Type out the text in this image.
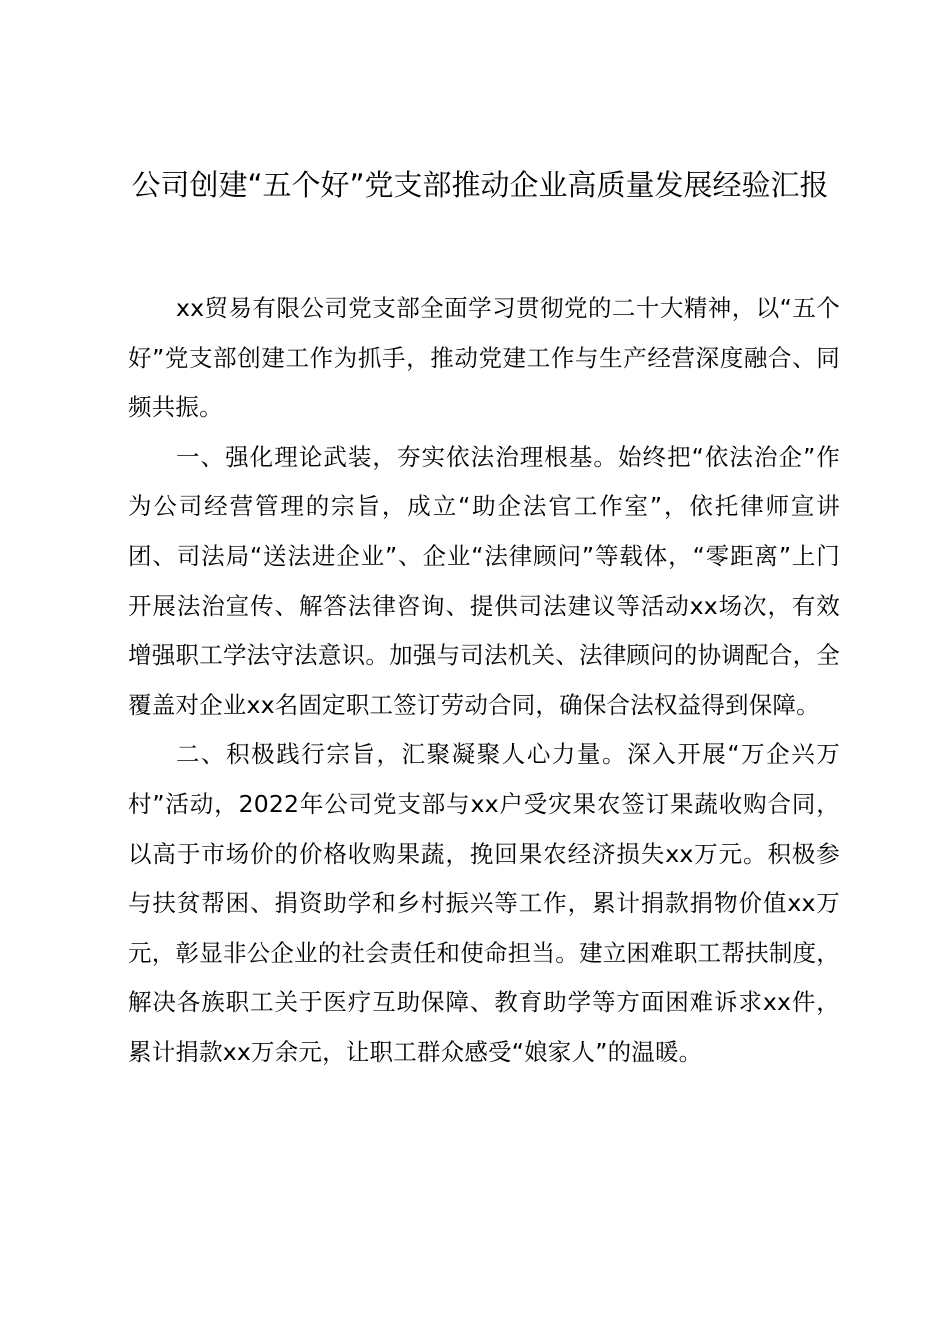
公司创建“五个好”党支部推动企业高质量发展经验汇报

xx贸易有限公司党支部全面学习贯彻党的二十大精神，以“五个好”党支部创建工作为抓手，推动党建工作与生产经营深度融合、同频共振。

一、强化理论武装，夯实依法治理根基。始终把“依法治企”作为公司经营管理的宗旨，成立“助企法官工作室”，依托律师宣讲团、司法局“送法进企业”、企业“法律顾问”等载体，“零距离”上门开展法治宣传、解答法律咨询、提供司法建议等活动xx场次，有效增强职工学法守法意识。加强与司法机关、法律顾问的协调配合，全覆盖对企业xx名固定职工签订劳动合同，确保合法权益得到保障。

二、积极践行宗旨，汇聚凝聚人心力量。深入开展“万企兴万村”活动，2022年公司党支部与xx户受灾果农签订果蔬收购合同，以高于市场价的价格收购果蔬，挽回果农经济损失xx万元。积极参与扶贫帮困、捐资助学和乡村振兴等工作，累计捐款捐物价值xx万元，彰显非公企业的社会责任和使命担当。建立困难职工帮扶制度，解决各族职工关于医疗互助保障、教育助学等方面困难诉求xx件，累计捐款xx万余元，让职工群众感受“娘家人”的温暖。
